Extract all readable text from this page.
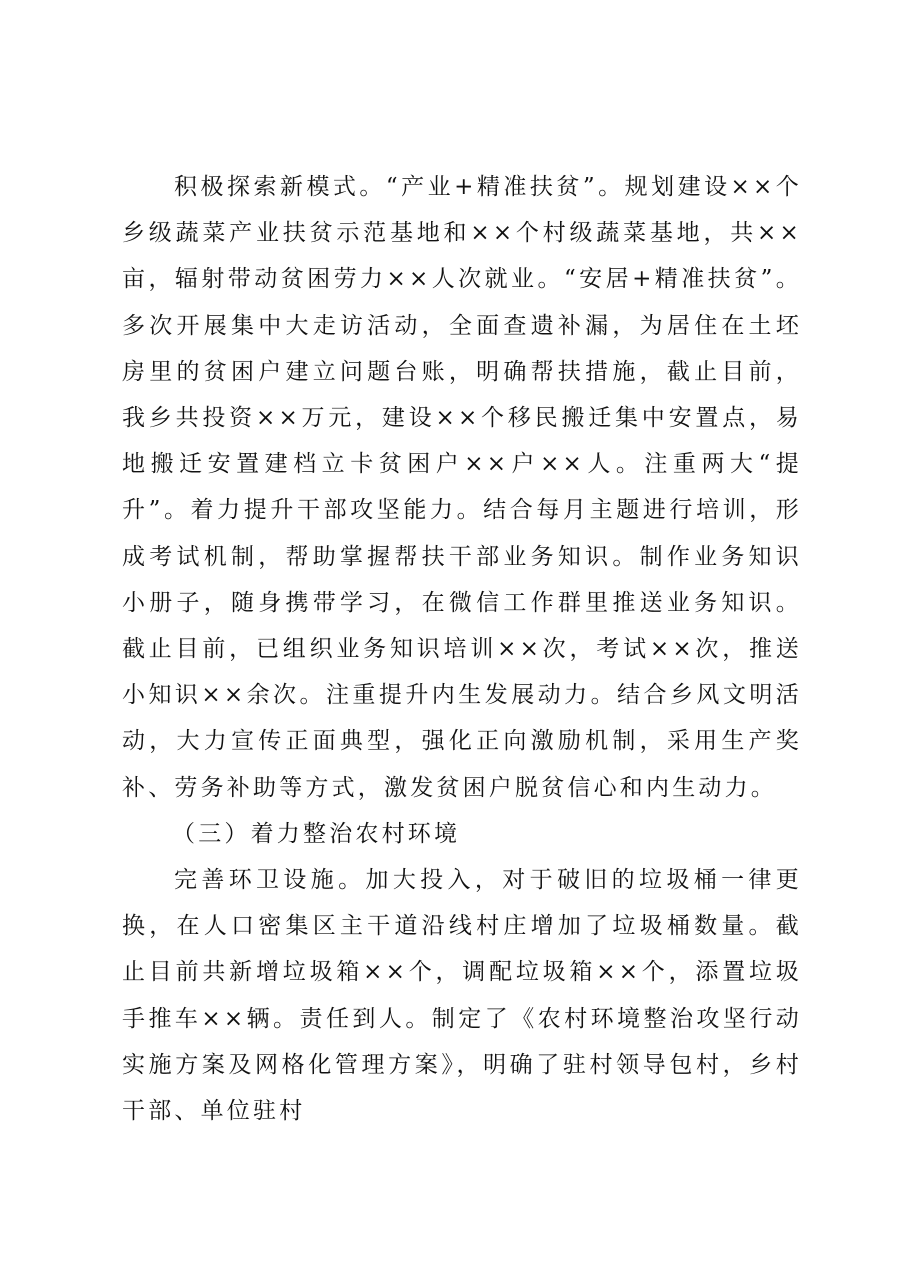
积极探索新模式。“产业+精准扶贫”。规划建设××个乡级蔬菜产业扶贫示范基地和××个村级蔬菜基地，共××亩，辐射带动贫困劳力××人次就业。“安居+精准扶贫”。多次开展集中大走访活动，全面查遗补漏，为居住在土坯房里的贫困户建立问题台账，明确帮扶措施，截止目前，我乡共投资××万元，建设××个移民搬迁集中安置点，易地搬迁安置建档立卡贫困户××户××人。注重两大“提升”。着力提升干部攻坚能力。结合每月主题进行培训，形成考试机制，帮助掌握帮扶干部业务知识。制作业务知识小册子，随身携带学习，在微信工作群里推送业务知识。截止目前，已组织业务知识培训××次，考试××次，推送小知识××余次。注重提升内生发展动力。结合乡风文明活动，大力宣传正面典型，强化正向激励机制，采用生产奖补、劳务补助等方式，激发贫困户脱贫信心和内生动力。

（三）着力整治农村环境

完善环卫设施。加大投入，对于破旧的垃圾桶一律更换，在人口密集区主干道沿线村庄增加了垃圾桶数量。截止目前共新增垃圾箱××个，调配垃圾箱××个，添置垃圾手推车××辆。责任到人。制定了《农村环境整治攻坚行动实施方案及网格化管理方案》，明确了驻村领导包村，乡村干部、单位驻村
